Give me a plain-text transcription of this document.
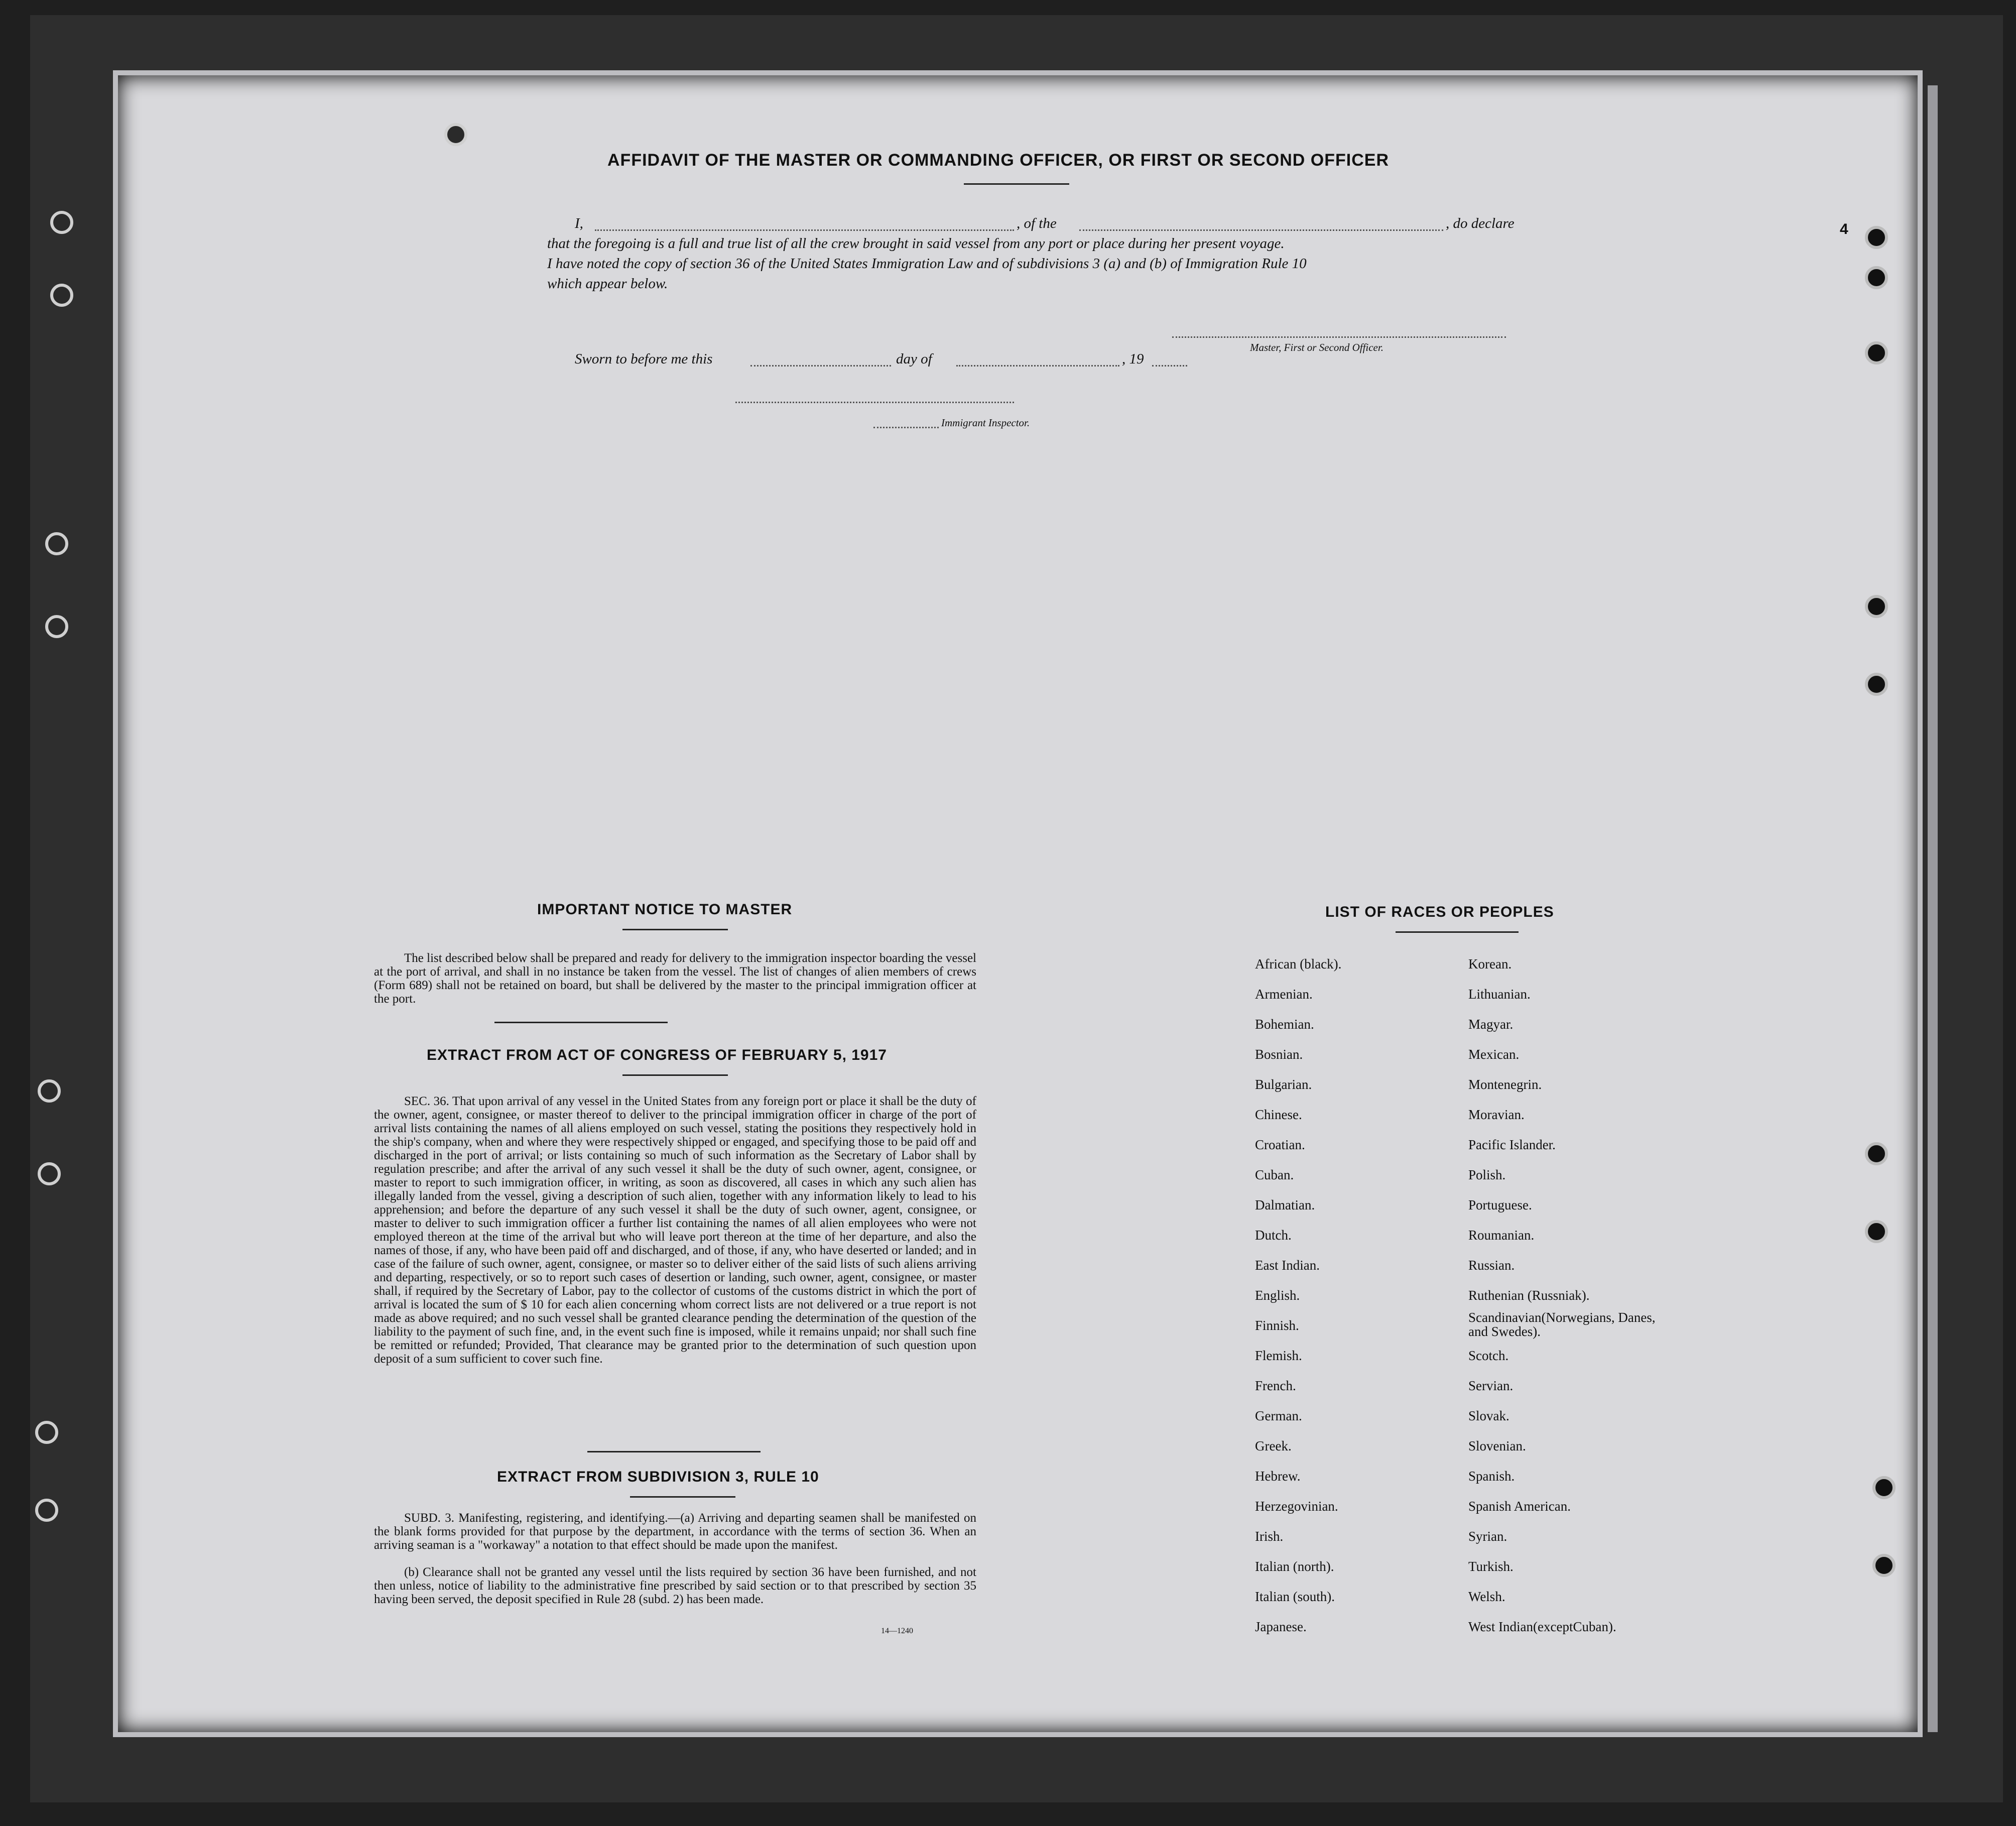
AFFIDAVIT OF THE MASTER OR COMMANDING OFFICER, OR FIRST OR SECOND OFFICER
I,	, of the	, do declare
that the foregoing is a full and true list of all the crew brought in said vessel from any port or place during her present voyage.
I have noted the copy of section 36 of the United States Immigration Law and of subdivisions 3 (a) and (b) of Immigration Rule 10
which appear below.
Master, First or Second Officer.
Sworn to before me this	day of	, 19
Immigrant Inspector.
4
IMPORTANT NOTICE TO MASTER
The list described below shall be prepared and ready for delivery to the immigration inspector boarding the vessel at the port of arrival, and shall in no instance be taken from the vessel. The list of changes of alien members of crews (Form 689) shall not be retained on board, but shall be delivered by the master to the principal immigration officer at the port.
EXTRACT FROM ACT OF CONGRESS OF FEBRUARY 5, 1917
SEC. 36. That upon arrival of any vessel in the United States from any foreign port or place it shall be the duty of the owner, agent, consignee, or master thereof to deliver to the principal immigration officer in charge of the port of arrival lists containing the names of all aliens employed on such vessel, stating the positions they respectively hold in the ship's company, when and where they were respectively shipped or engaged, and specifying those to be paid off and discharged in the port of arrival; or lists containing so much of such information as the Secretary of Labor shall by regulation prescribe; and after the arrival of any such vessel it shall be the duty of such owner, agent, consignee, or master to report to such immigration officer, in writing, as soon as discovered, all cases in which any such alien has illegally landed from the vessel, giving a description of such alien, together with any information likely to lead to his apprehension; and before the departure of any such vessel it shall be the duty of such owner, agent, consignee, or master to deliver to such immigration officer a further list containing the names of all alien employees who were not employed thereon at the time of the arrival but who will leave port thereon at the time of her departure, and also the names of those, if any, who have been paid off and discharged, and of those, if any, who have deserted or landed; and in case of the failure of such owner, agent, consignee, or master so to deliver either of the said lists of such aliens arriving and departing, respectively, or so to report such cases of desertion or landing, such owner, agent, consignee, or master shall, if required by the Secretary of Labor, pay to the collector of customs of the customs district in which the port of arrival is located the sum of $ 10 for each alien concerning whom correct lists are not delivered or a true report is not made as above required; and no such vessel shall be granted clearance pending the determination of the question of the liability to the payment of such fine, and, in the event such fine is imposed, while it remains unpaid; nor shall such fine be remitted or refunded; Provided, That clearance may be granted prior to the determination of such question upon deposit of a sum sufficient to cover such fine.
EXTRACT FROM SUBDIVISION 3, RULE 10
SUBD. 3. Manifesting, registering, and identifying.—(a) Arriving and departing seamen shall be manifested on the blank forms provided for that purpose by the department, in accordance with the terms of section 36. When an arriving seaman is a "workaway" a notation to that effect should be made upon the manifest.
(b) Clearance shall not be granted any vessel until the lists required by section 36 have been furnished, and not then unless, notice of liability to the administrative fine prescribed by said section or to that prescribed by section 35 having been served, the deposit specified in Rule 28 (subd. 2) has been made.
14—1240
LIST OF RACES OR PEOPLES
African (black).
Armenian.
Bohemian.
Bosnian.
Bulgarian.
Chinese.
Croatian.
Cuban.
Dalmatian.
Dutch.
East Indian.
English.
Finnish.
Flemish.
French.
German.
Greek.
Hebrew.
Herzegovinian.
Irish.
Italian (north).
Italian (south).
Japanese.
Korean.
Lithuanian.
Magyar.
Mexican.
Montenegrin.
Moravian.
Pacific Islander.
Polish.
Portuguese.
Roumanian.
Russian.
Ruthenian (Russniak).
Scandinavian(Norwegians, Danes, and Swedes).
Scotch.
Servian.
Slovak.
Slovenian.
Spanish.
Spanish American.
Syrian.
Turkish.
Welsh.
West Indian(exceptCuban).
